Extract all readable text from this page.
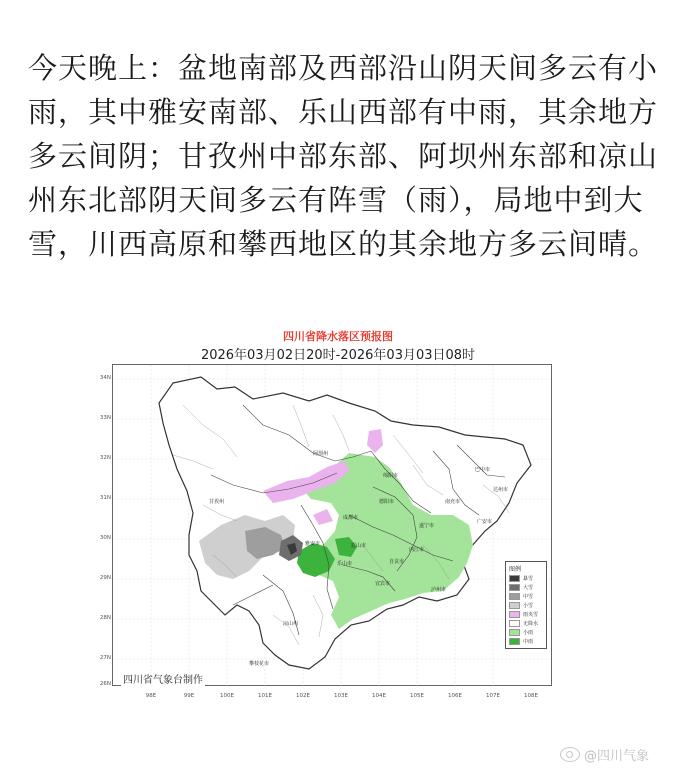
今天晚上：盆地南部及西部沿山阴天间多云有小雨，其中雅安南部、乐山西部有中雨，其余地方多云间阴；甘孜州中部东部、阿坝州东部和凉山州东北部阴天间多云有阵雪（雨），局地中到大雪，川西高原和攀西地区的其余地方多云间晴。
四川省降水落区预报图
2026年03月02日20时-2026年03月03日08时
阿坝州
绵阳市
巴中市
达州市
德阳市	南充市
甘孜州
成都市
遂宁市
广安市
雅安市	眉山市
内江市
乐山市	自贡市
宜宾市
泸州市
凉山州
攀枝花市
34N
33N
32N
31N
30N
29N
28N
27N
26N
98E	99E	100E	101E	102E	103E	104E	105E	106E	107E	108E
四川省气象台制作
图例
暴雪
大雪
中雪
小雪
雨夹雪
无降水
小雨
中雨
@四川气象
